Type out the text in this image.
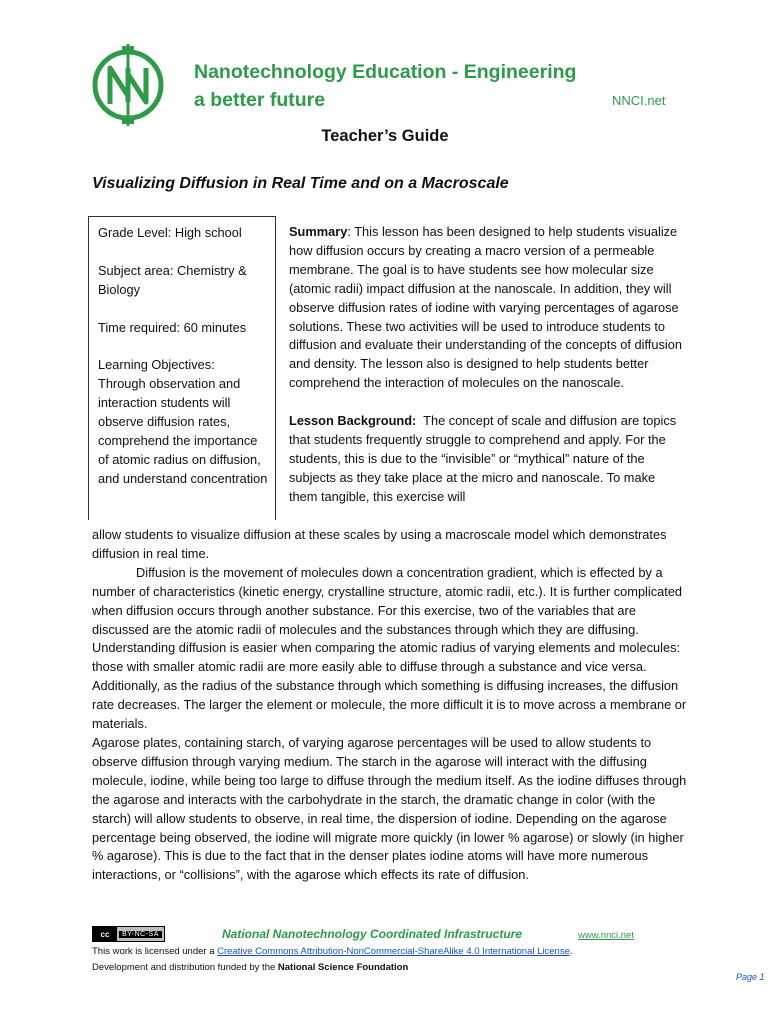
Nanotechnology Education - Engineering
a better future	NNCI.net
Teacher’s Guide
Visualizing Diffusion in Real Time and on a Macroscale

Grade Level: High school

Subject area: Chemistry & Biology

Time required: 60 minutes

Learning Objectives:

Through observation and interaction students will observe diffusion rates, comprehend the importance of atomic radius on diffusion, and understand concentration

Summary: This lesson has been designed to help students visualize how diffusion occurs by creating a macro version of a permeable membrane. The goal is to have students see how molecular size (atomic radii) impact diffusion at the nanoscale. In addition, they will observe diffusion rates of iodine with varying percentages of agarose solutions. These two activities will be used to introduce students to diffusion and evaluate their understanding of the concepts of diffusion and density. The lesson also is designed to help students better comprehend the interaction of molecules on the nanoscale.

Lesson Background: The concept of scale and diffusion are topics that students frequently struggle to comprehend and apply. For the students, this is due to the “invisible” or “mythical” nature of the subjects as they take place at the micro and nanoscale. To make them tangible, this exercise will

allow students to visualize diffusion at these scales by using a macroscale model which demonstrates diffusion in real time.

Diffusion is the movement of molecules down a concentration gradient, which is effected by a number of characteristics (kinetic energy, crystalline structure, atomic radii, etc.). It is further complicated when diffusion occurs through another substance. For this exercise, two of the variables that are discussed are the atomic radii of molecules and the substances through which they are diffusing. Understanding diffusion is easier when comparing the atomic radius of varying elements and molecules: those with smaller atomic radii are more easily able to diffuse through a substance and vice versa. Additionally, as the radius of the substance through which something is diffusing increases, the diffusion rate decreases. The larger the element or molecule, the more difficult it is to move across a membrane or materials.

Agarose plates, containing starch, of varying agarose percentages will be used to allow students to observe diffusion through varying medium. The starch in the agarose will interact with the diffusing molecule, iodine, while being too large to diffuse through the medium itself. As the iodine diffuses through the agarose and interacts with the carbohydrate in the starch, the dramatic change in color (with the starch) will allow students to observe, in real time, the dispersion of iodine. Depending on the agarose percentage being observed, the iodine will migrate more quickly (in lower % agarose) or slowly (in higher % agarose). This is due to the fact that in the denser plates iodine atoms will have more numerous interactions, or “collisions”, with the agarose which effects its rate of diffusion.

cc	BY-NC-SA	National Nanotechnology Coordinated Infrastructure	www.nnci.net
This work is licensed under a Creative Commons Attribution-NonCommercial-ShareAlike 4.0 International License.
Development and distribution funded by the National Science Foundation
Page 1
